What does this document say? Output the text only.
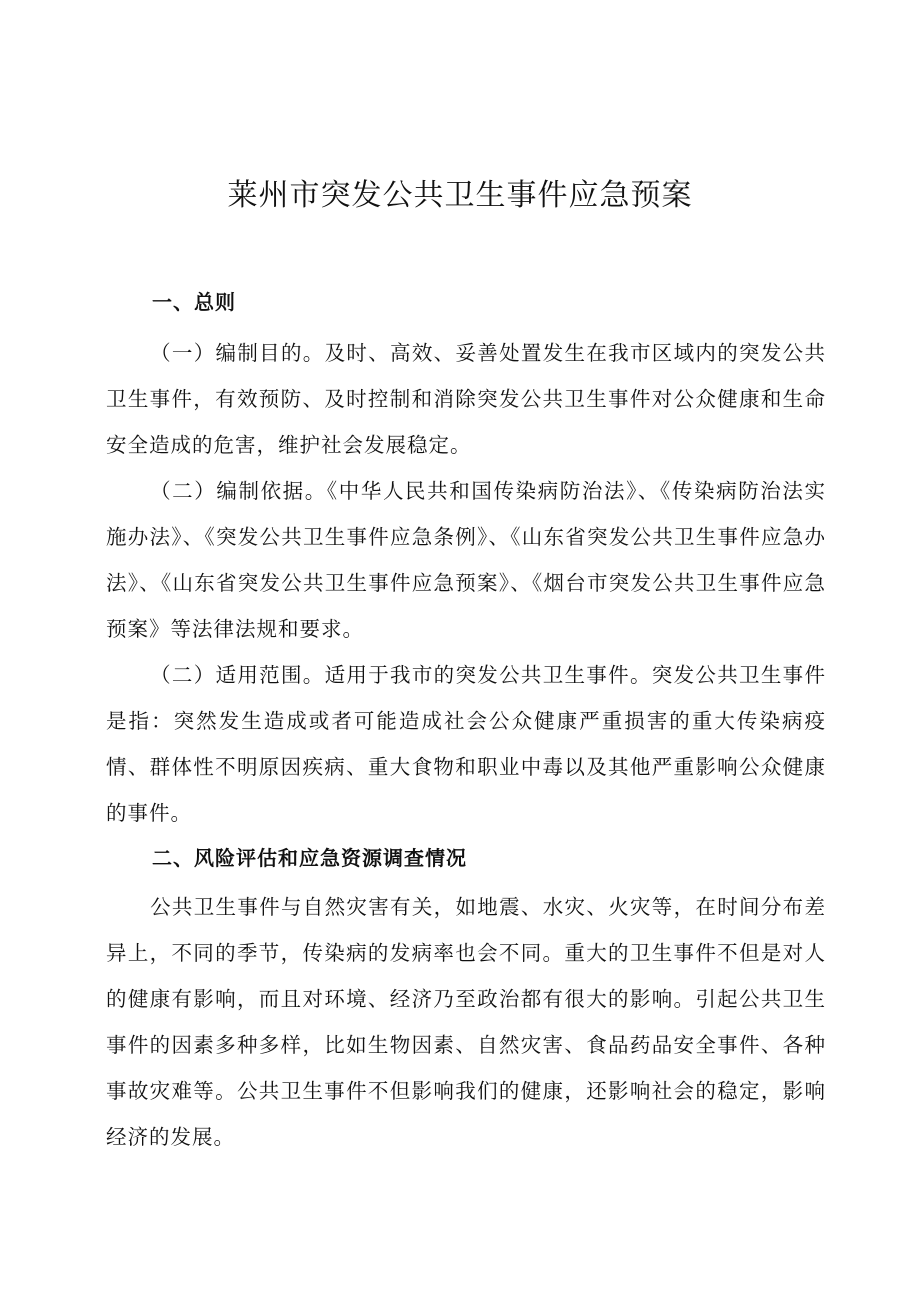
莱州市突发公共卫生事件应急预案
一、总则

（一）编制目的。及时、高效、妥善处置发生在我市区域内的突发公共卫生事件，有效预防、及时控制和消除突发公共卫生事件对公众健康和生命安全造成的危害，维护社会发展稳定。

（二）编制依据。《中华人民共和国传染病防治法》、《传染病防治法实施办法》、《突发公共卫生事件应急条例》、《山东省突发公共卫生事件应急办法》、《山东省突发公共卫生事件应急预案》、《烟台市突发公共卫生事件应急预案》等法律法规和要求。

（二）适用范围。适用于我市的突发公共卫生事件。突发公共卫生事件是指：突然发生造成或者可能造成社会公众健康严重损害的重大传染病疫情、群体性不明原因疾病、重大食物和职业中毒以及其他严重影响公众健康的事件。

二、风险评估和应急资源调查情况

公共卫生事件与自然灾害有关，如地震、水灾、火灾等，在时间分布差异上，不同的季节，传染病的发病率也会不同。重大的卫生事件不但是对人的健康有影响，而且对环境、经济乃至政治都有很大的影响。引起公共卫生事件的因素多种多样，比如生物因素、自然灾害、食品药品安全事件、各种事故灾难等。公共卫生事件不但影响我们的健康，还影响社会的稳定，影响经济的发展。
